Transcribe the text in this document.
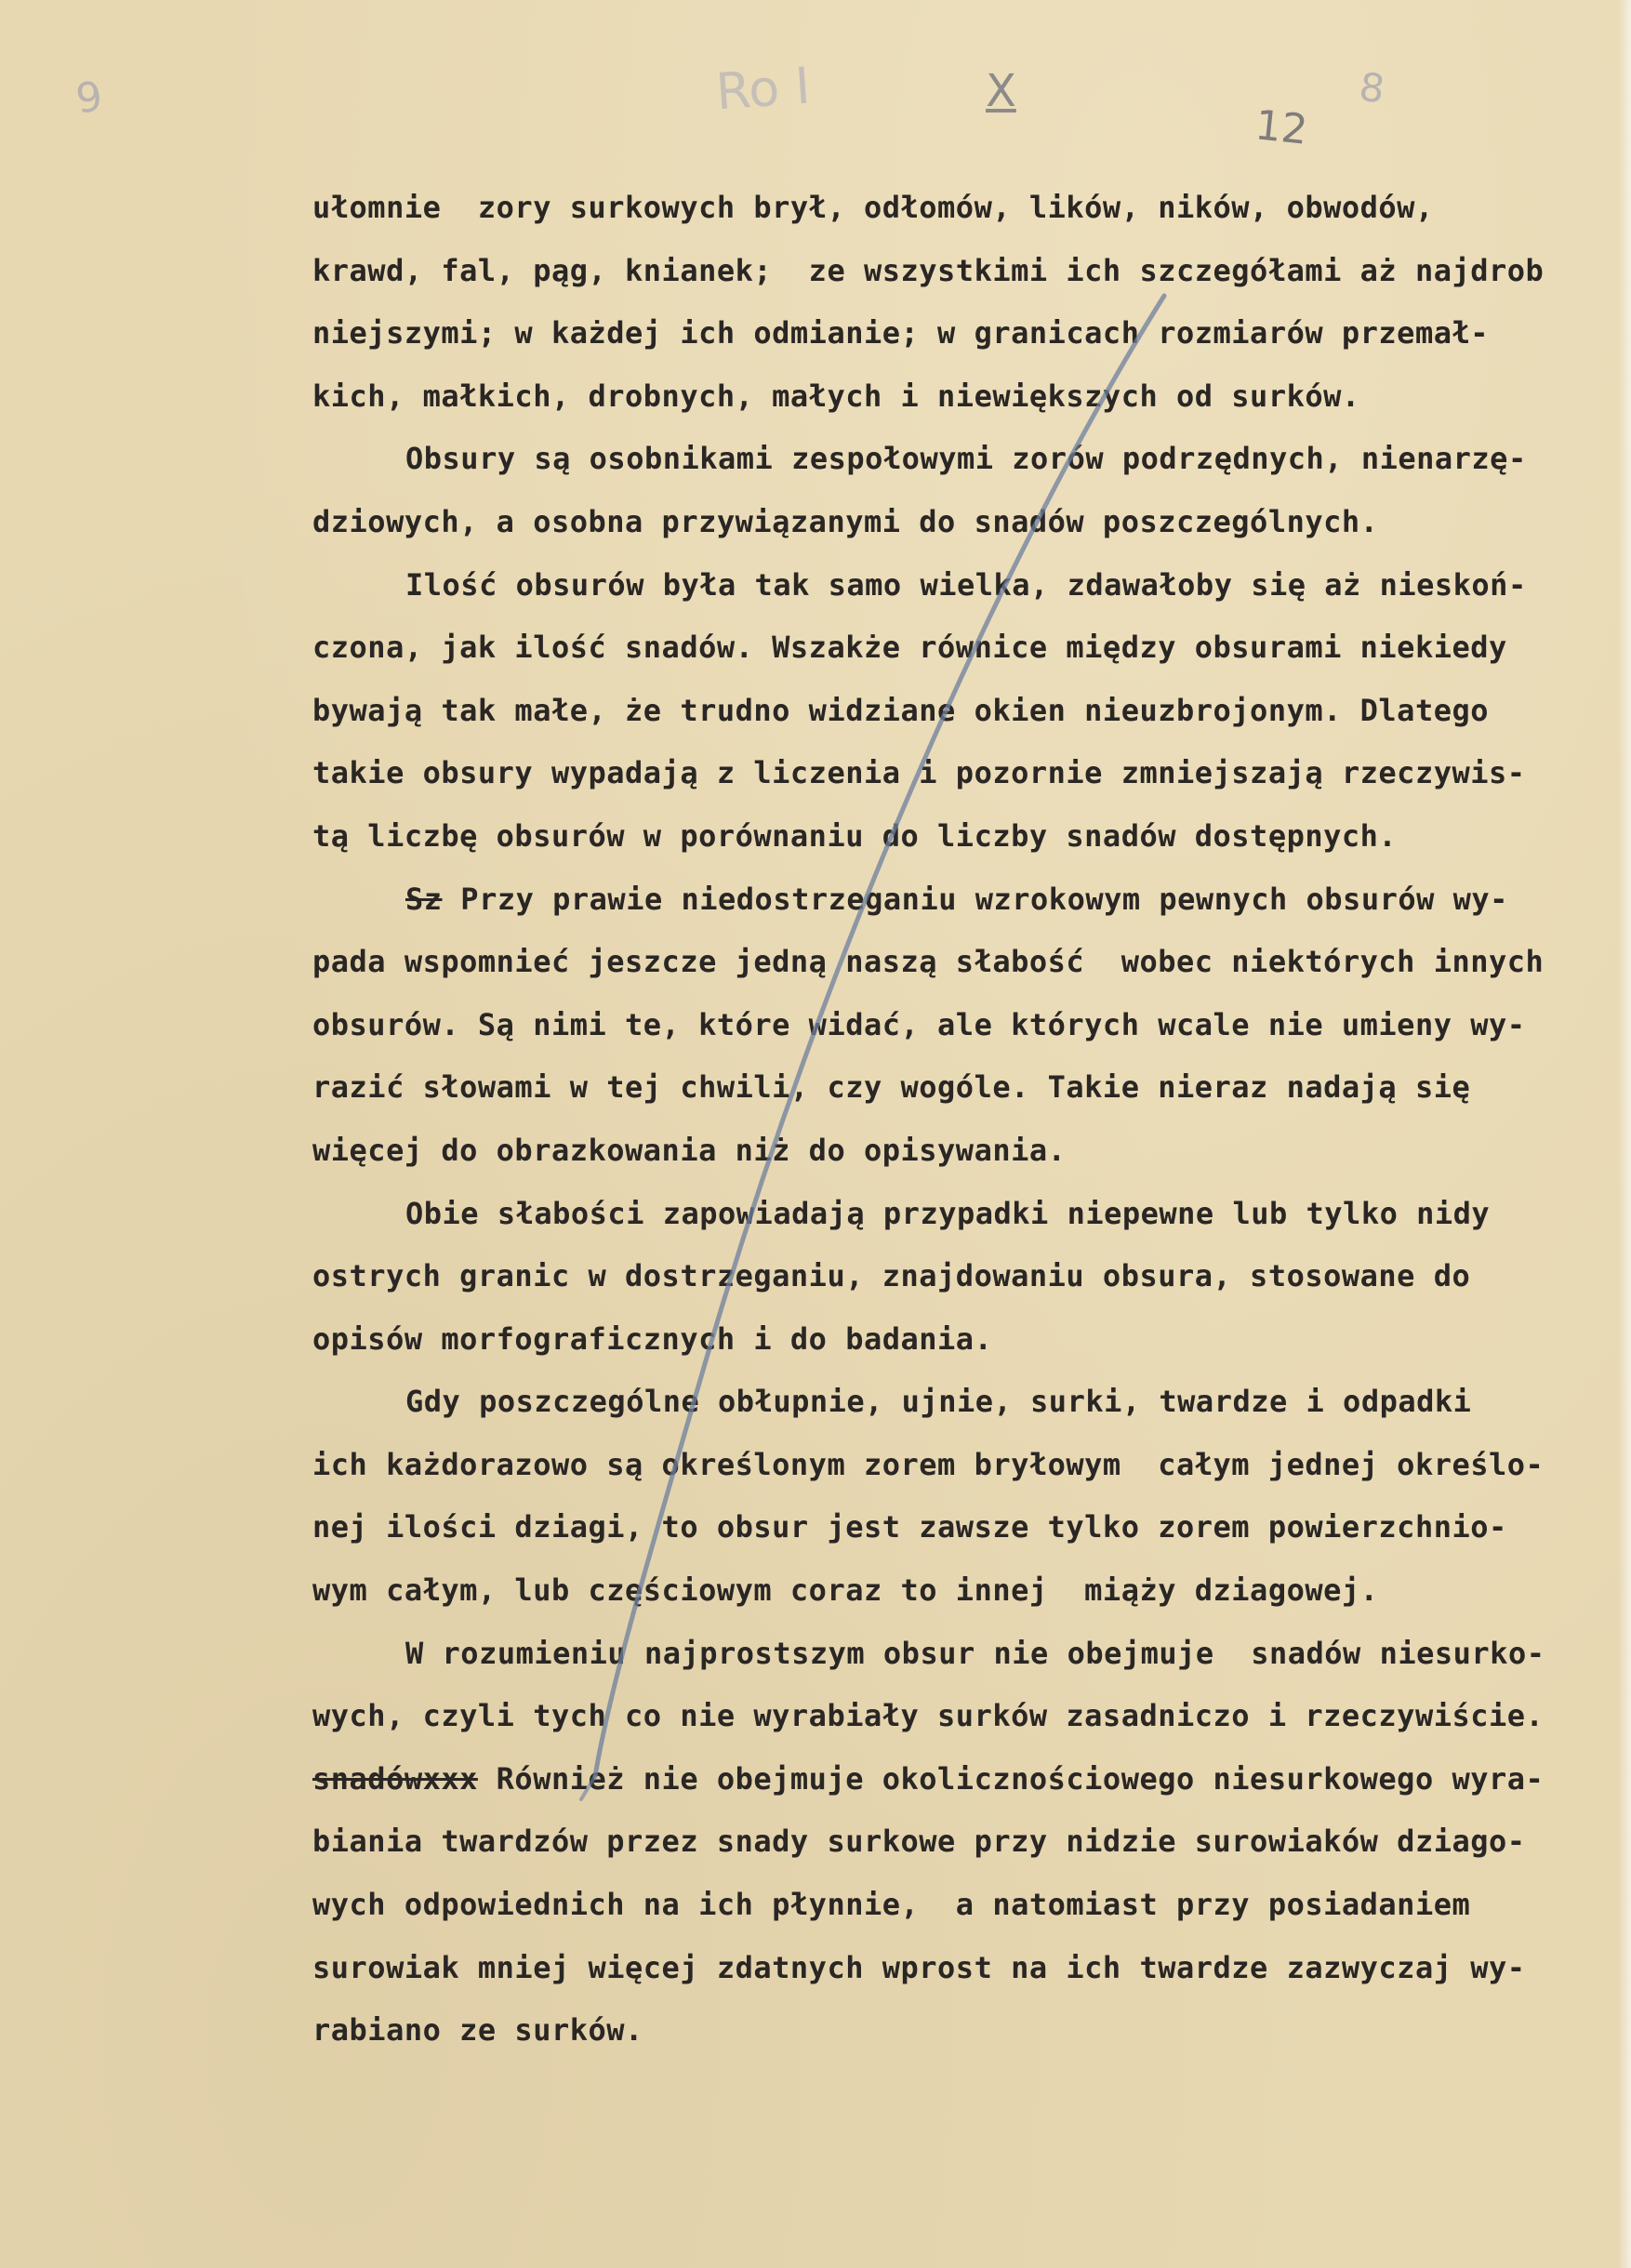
9	Ro I	X
12
8
ułomnie  zory surkowych brył, odłomów, lików, ników, obwodów,
krawd, fal, pąg, knianek;  ze wszystkimi ich szczegółami aż najdrob
niejszymi; w każdej ich odmianie; w granicach rozmiarów przemał-
kich, małkich, drobnych, małych i niewiększych od surków.
Obsury są osobnikami zespołowymi zorów podrzędnych, nienarzę-
dziowych, a osobna przywiązanymi do snadów poszczególnych.
Ilość obsurów była tak samo wielka, zdawałoby się aż nieskoń-
czona, jak ilość snadów. Wszakże równice między obsurami niekiedy
bywają tak małe, że trudno widziane okien nieuzbrojonym. Dlatego
takie obsury wypadają z liczenia i pozornie zmniejszają rzeczywis-
tą liczbę obsurów w porównaniu do liczby snadów dostępnych.
Sz Przy prawie niedostrzeganiu wzrokowym pewnych obsurów wy-
pada wspomnieć jeszcze jedną naszą słabość  wobec niektórych innych
obsurów. Są nimi te, które widać, ale których wcale nie umieny wy-
razić słowami w tej chwili, czy wogóle. Takie nieraz nadają się
więcej do obrazkowania niż do opisywania.
Obie słabości zapowiadają przypadki niepewne lub tylko nidy
ostrych granic w dostrzeganiu, znajdowaniu obsura, stosowane do
opisów morfograficznych i do badania.
Gdy poszczególne obłupnie, ujnie, surki, twardze i odpadki
ich każdorazowo są określonym zorem bryłowym  całym jednej określo-
nej ilości dziagi, to obsur jest zawsze tylko zorem powierzchnio-
wym całym, lub częściowym coraz to innej  miąży dziagowej.
W rozumieniu najprostszym obsur nie obejmuje  snadów niesurko-
wych, czyli tych co nie wyrabiały surków zasadniczo i rzeczywiście.
snadówxxx Również nie obejmuje okolicznościowego niesurkowego wyra-
biania twardzów przez snady surkowe przy nidzie surowiaków dziago-
wych odpowiednich na ich płynnie,  a natomiast przy posiadaniem
surowiak mniej więcej zdatnych wprost na ich twardze zazwyczaj wy-
rabiano ze surków.
